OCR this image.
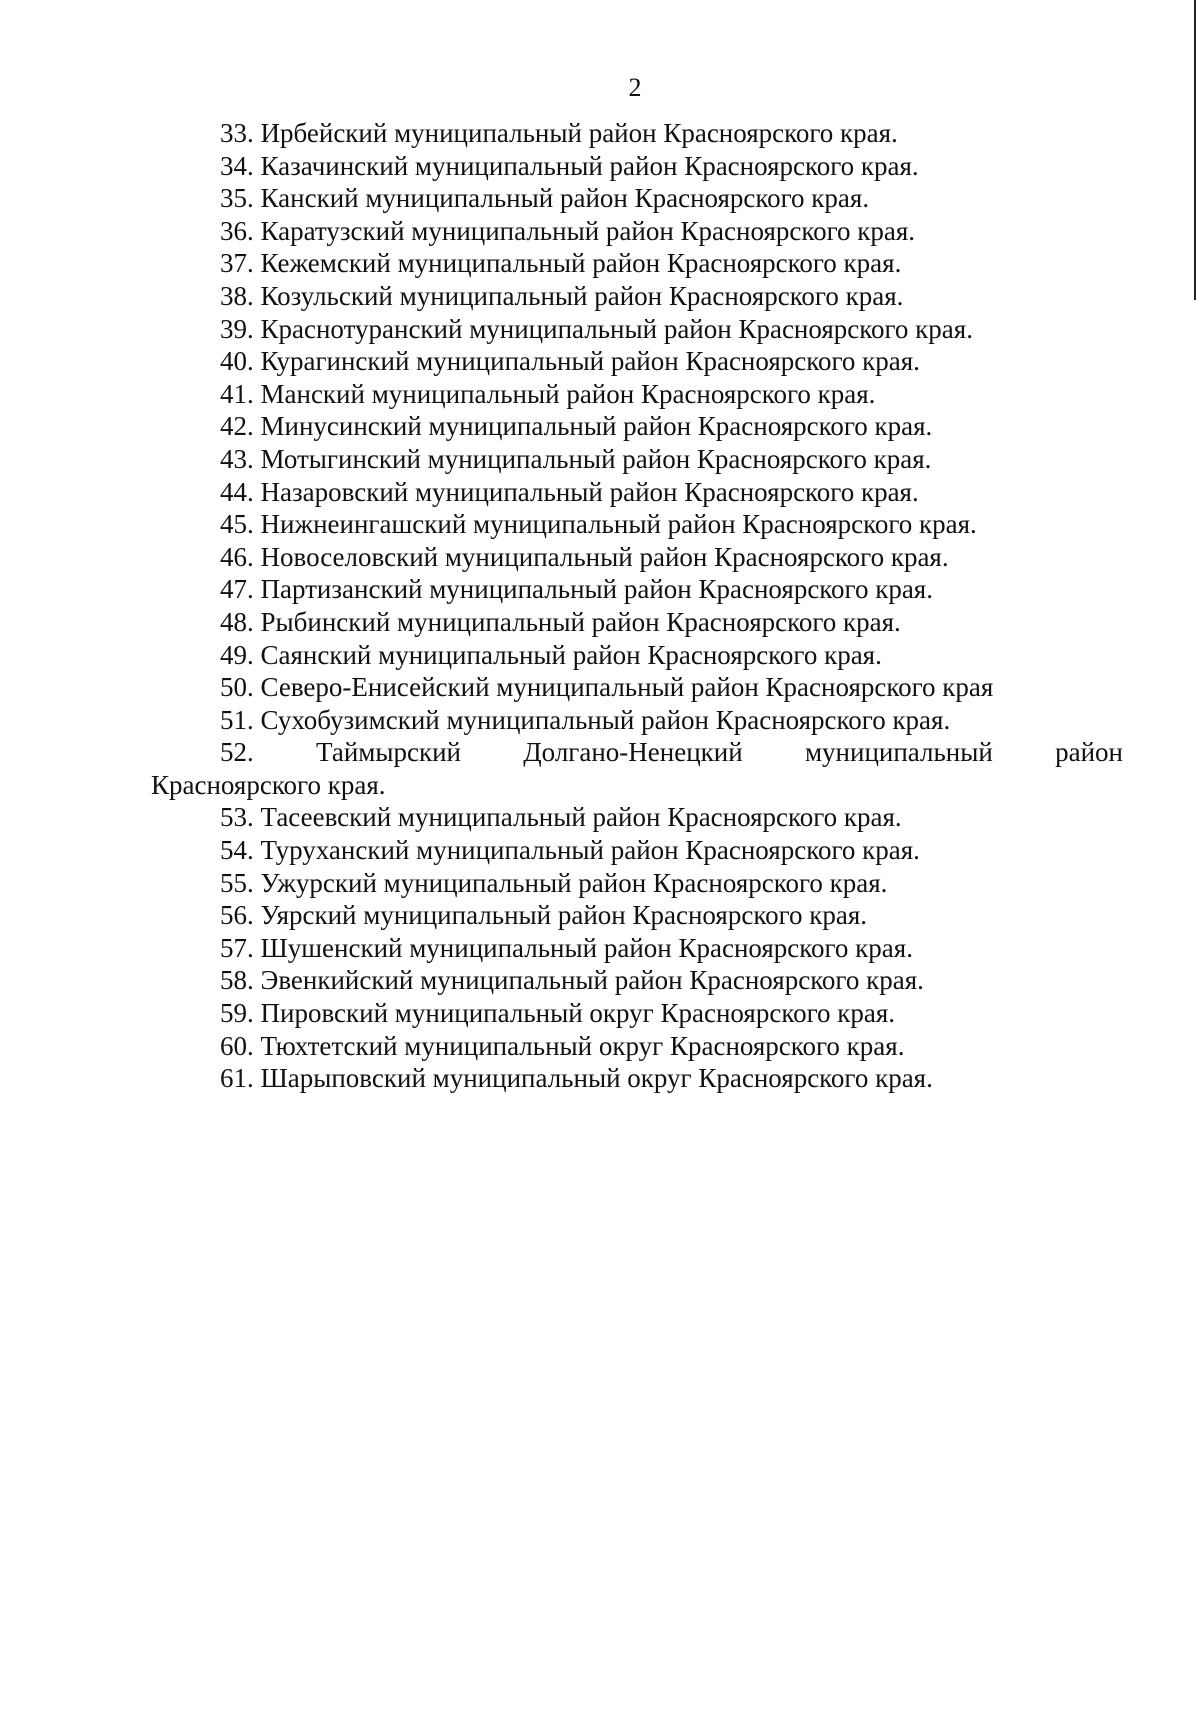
2
33. Ирбейский муниципальный район Красноярского края.
34. Казачинский муниципальный район Красноярского края.
35. Канский муниципальный район Красноярского края.
36. Каратузский муниципальный район Красноярского края.
37. Кежемский муниципальный район Красноярского края.
38. Козульский муниципальный район Красноярского края.
39. Краснотуранский муниципальный район Красноярского края.
40. Курагинский муниципальный район Красноярского края.
41. Манский муниципальный район Красноярского края.
42. Минусинский муниципальный район Красноярского края.
43. Мотыгинский муниципальный район Красноярского края.
44. Назаровский муниципальный район Красноярского края.
45. Нижнеингашский муниципальный район Красноярского края.
46. Новоселовский муниципальный район Красноярского края.
47. Партизанский муниципальный район Красноярского края.
48. Рыбинский муниципальный район Красноярского края.
49. Саянский муниципальный район Красноярского края.
50. Северо-Енисейский муниципальный район Красноярского края
51. Сухобузимский муниципальный район Красноярского края.
52. Таймырский Долгано-Ненецкий муниципальный район
Красноярского края.
53. Тасеевский муниципальный район Красноярского края.
54. Туруханский муниципальный район Красноярского края.
55. Ужурский муниципальный район Красноярского края.
56. Уярский муниципальный район Красноярского края.
57. Шушенский муниципальный район Красноярского края.
58. Эвенкийский муниципальный район Красноярского края.
59. Пировский муниципальный округ Красноярского края.
60. Тюхтетский муниципальный округ Красноярского края.
61. Шарыповский муниципальный округ Красноярского края.
